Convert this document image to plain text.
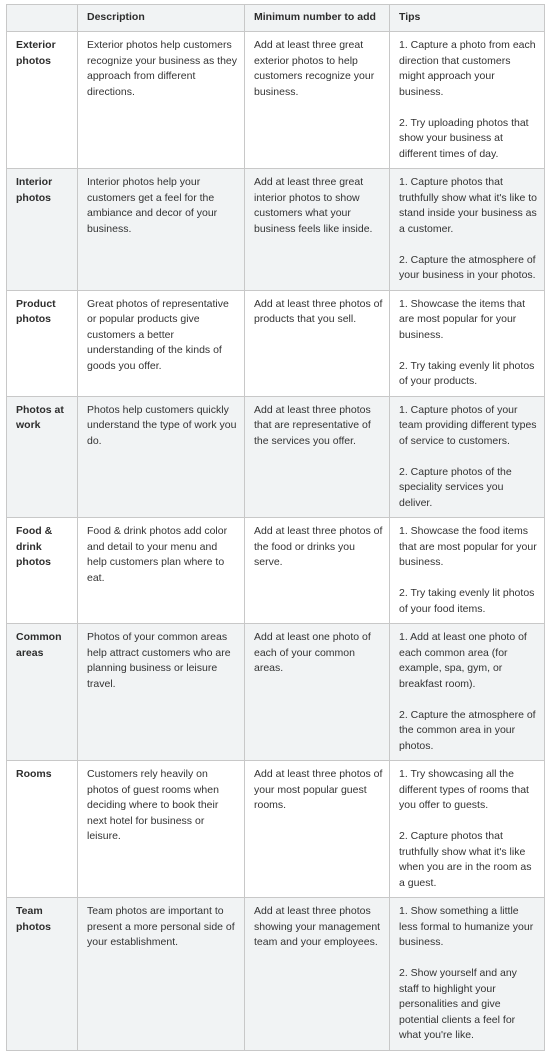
	Description	Minimum number to add	Tips
Exterior photos	Exterior photos help customers recognize your business as they approach from different directions.	Add at least three great exterior photos to help customers recognize your business.	1. Capture a photo from each direction that customers might approach your business.
2. Try uploading photos that show your business at different times of day.

Interior photos	Interior photos help your customers get a feel for the ambiance and decor of your business.	Add at least three great interior photos to show customers what your business feels like inside.	1. Capture photos that truthfully show what it's like to stand inside your business as a customer.
2. Capture the atmosphere of your business in your photos.

Product photos	Great photos of representative or popular products give customers a better understanding of the kinds of goods you offer.	Add at least three photos of products that you sell.	1. Showcase the items that are most popular for your business.
2. Try taking evenly lit photos of your products.

Photos at work	Photos help customers quickly understand the type of work you do.	Add at least three photos that are representative of the services you offer.	1. Capture photos of your team providing different types of service to customers.
2. Capture photos of the speciality services you deliver.

Food & drink photos	Food & drink photos add color and detail to your menu and help customers plan where to eat.	Add at least three photos of the food or drinks you serve.	1. Showcase the food items that are most popular for your business.
2. Try taking evenly lit photos of your food items.

Common areas	Photos of your common areas help attract customers who are planning business or leisure travel.	Add at least one photo of each of your common areas.	1. Add at least one photo of each common area (for example, spa, gym, or breakfast room).
2. Capture the atmosphere of the common area in your photos.

Rooms	Customers rely heavily on photos of guest rooms when deciding where to book their next hotel for business or leisure.	Add at least three photos of your most popular guest rooms.	1. Try showcasing all the different types of rooms that you offer to guests.
2. Capture photos that truthfully show what it's like when you are in the room as a guest.

Team photos	Team photos are important to present a more personal side of your establishment.	Add at least three photos showing your management team and your employees.	1. Show something a little less formal to humanize your business.
2. Show yourself and any staff to highlight your personalities and give potential clients a feel for what you're like.
